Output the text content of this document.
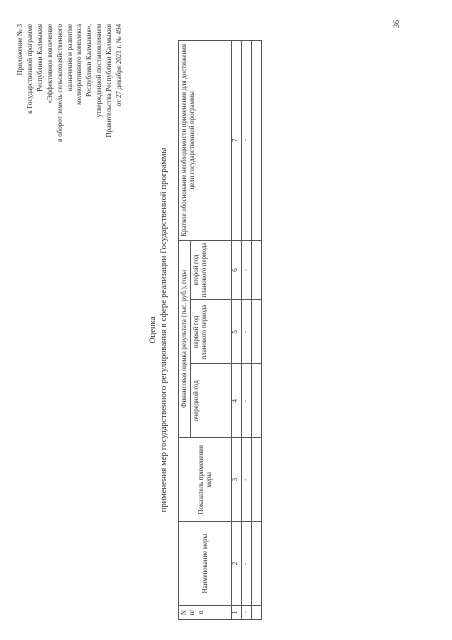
36
Приложение № 3 к Государственной программе Республики Калмыкия «Эффективное вовлечение в оборот земель сельскохозяйственного назначения и развитие мелиоративного комплекса Республики Калмыкия», утвержденной постановлением Правительства Республики Калмыкия от 27 декабря 2021 г. № 494
Оценка применения мер государственного регулирования в сфере реализации Государственной программы
N
п/п	Наименование меры	Показатель применения меры	Финансовая оценка результата (тыс. руб.), годы			Краткое обоснование необходимости применения для достижения цели государственной программы
			очередной год	первый год планового периода	второй год планового периода	
1	2	3	4	5	6	7
-	-	-	-	-	-	-
